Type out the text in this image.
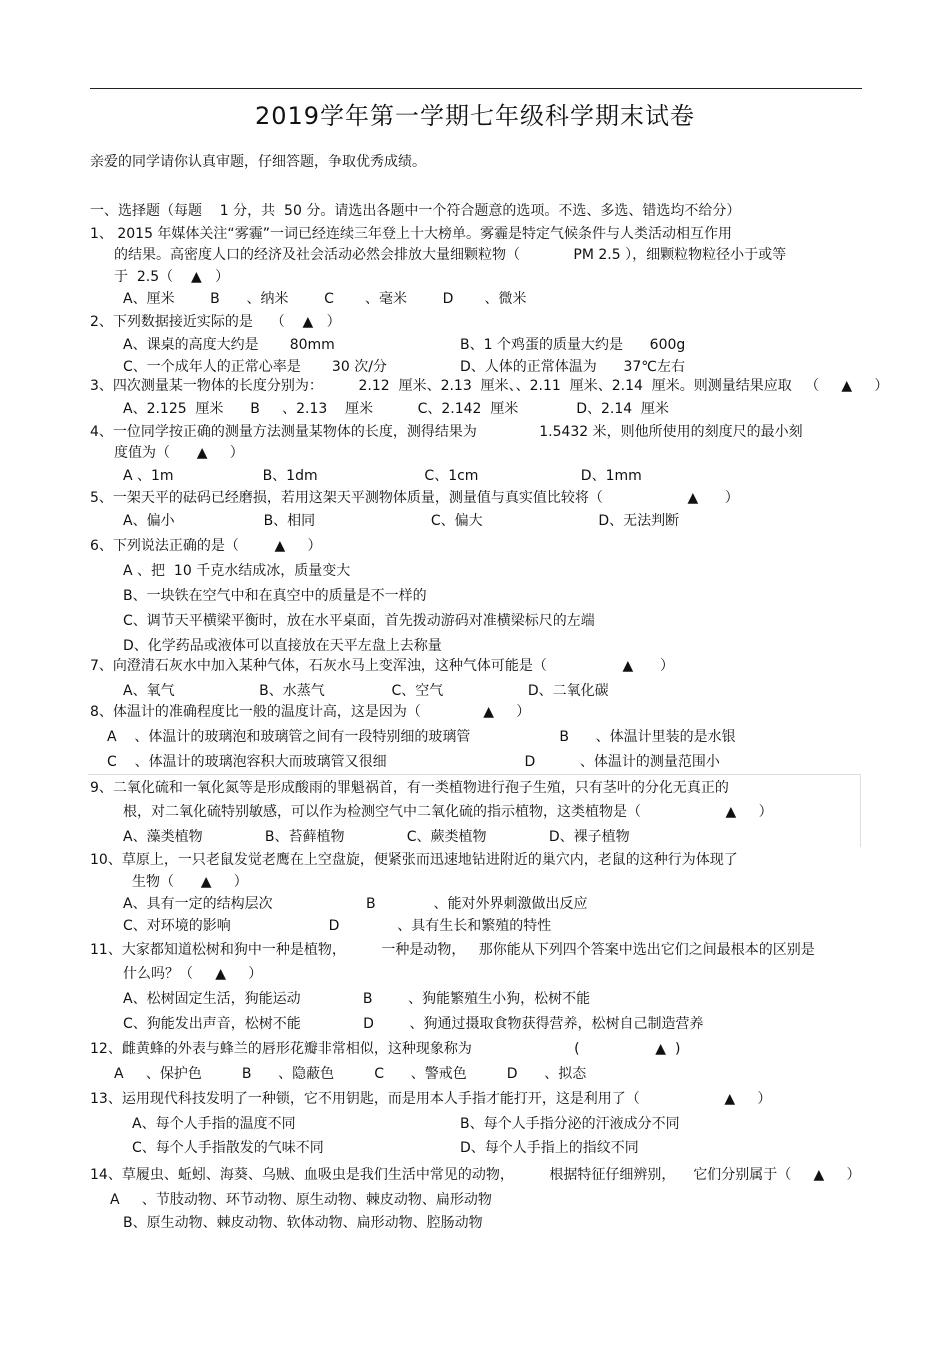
2019学年第一学期七年级科学期末试卷
亲爱的同学请你认真审题，仔细答题，争取优秀成绩。
一、选择题（每题    1 分，共  50 分。请选出各题中一个符合题意的选项。不选、多选、错选均不给分）
1、 2015 年媒体关注“雾霾”一词已经连续三年登上十大榜单。雾霾是特定气候条件与人类活动相互作用
的结果。高密度人口的经济及社会活动必然会排放大量细颗粒物（            PM 2.5 ），细颗粒物粒径小于或等
于  2.5（    ▲   ）
A、厘米        B      、纳米        C       、毫米        D       、微米
2、下列数据接近实际的是    （    ▲   ）
A、课桌的高度大约是       80mm	B、1 个鸡蛋的质量大约是      600g
C、一个成年人的正常心率是       30 次/分	D、人体的正常体温为      37℃左右
3、四次测量某一物体的长度分别为：        2.12  厘米、2.13  厘米、、2.11  厘米、2.14  厘米。则测量结果应取   （     ▲     ）
A、2.125  厘米      B     、2.13    厘米          C、2.142  厘米             D、2.14  厘米
4、一位同学按正确的测量方法测量某物体的长度，测得结果为              1.5432 米，则他所使用的刻度尺的最小刻
度值为（      ▲     ）
A 、1m                    B、1dm                        C、1cm                       D、1mm
5、一架天平的砝码已经磨损，若用这架天平测物体质量，测量值与真实值比较将（                   ▲      ）
A、偏小                    B、相同                          C、偏大                          D、无法判断
6、下列说法正确的是（        ▲     ）
A 、把  10 千克水结成冰，质量变大
B、一块铁在空气中和在真空中的质量是不一样的
C、调节天平横梁平衡时，放在水平桌面，首先拨动游码对准横梁标尺的左端
D、化学药品或液体可以直接放在天平左盘上去称量
7、向澄清石灰水中加入某种气体，石灰水马上变浑浊，这种气体可能是（                 ▲      ）
A、氧气                   B、水蒸气               C、空气                   D、二氧化碳
8、体温计的准确程度比一般的温度计高，这是因为（              ▲     ）
A    、体温计的玻璃泡和玻璃管之间有一段特别细的玻璃管                    B      、体温计里装的是水银
C    、体温计的玻璃泡容积大而玻璃管又很细                               D          、体温计的测量范围小
9、二氧化硫和一氧化氮等是形成酸雨的罪魁祸首，有一类植物进行孢子生殖，只有茎叶的分化无真正的
根，对二氧化硫特别敏感，可以作为检测空气中二氧化硫的指示植物，这类植物是（                   ▲     ）
A、藻类植物              B、苔藓植物              C、蕨类植物              D、裸子植物
10、草原上，一只老鼠发觉老鹰在上空盘旋，便紧张而迅速地钻进附近的巢穴内，老鼠的这种行为体现了
生物（      ▲     ）
A、具有一定的结构层次                     B             、能对外界刺激做出反应
C、对环境的影响                      D             、具有生长和繁殖的特性
11、大家都知道松树和狗中一种是植物，        一种是动物，   那你能从下列四个答案中选出它们之间最根本的区别是
什么吗？（     ▲     ）
A、松树固定生活，狗能运动              B        、狗能繁殖生小狗，松树不能
C、狗能发出声音，松树不能              D        、狗通过摄取食物获得营养，松树自己制造营养
12、雌黄蜂的外表与蜂兰的唇形花瓣非常相似，这种现象称为                       (                 ▲  )
A     、保护色         B      、隐蔽色         C      、警戒色         D      、拟态
13、运用现代科技发明了一种锁，它不用钥匙，而是用本人手指才能打开，这是利用了（                   ▲     ）
A、每个人手指的温度不同	B、每个人手指分泌的汗液成分不同
C、每个人手指散发的气味不同	D、每个人手指上的指纹不同
14、草履虫、蚯蚓、海葵、乌贼、血吸虫是我们生活中常见的动物，        根据特征仔细辨别，    它们分别属于（     ▲     ）
A     、节肢动物、环节动物、原生动物、棘皮动物、扁形动物
B、原生动物、棘皮动物、软体动物、扁形动物、腔肠动物
